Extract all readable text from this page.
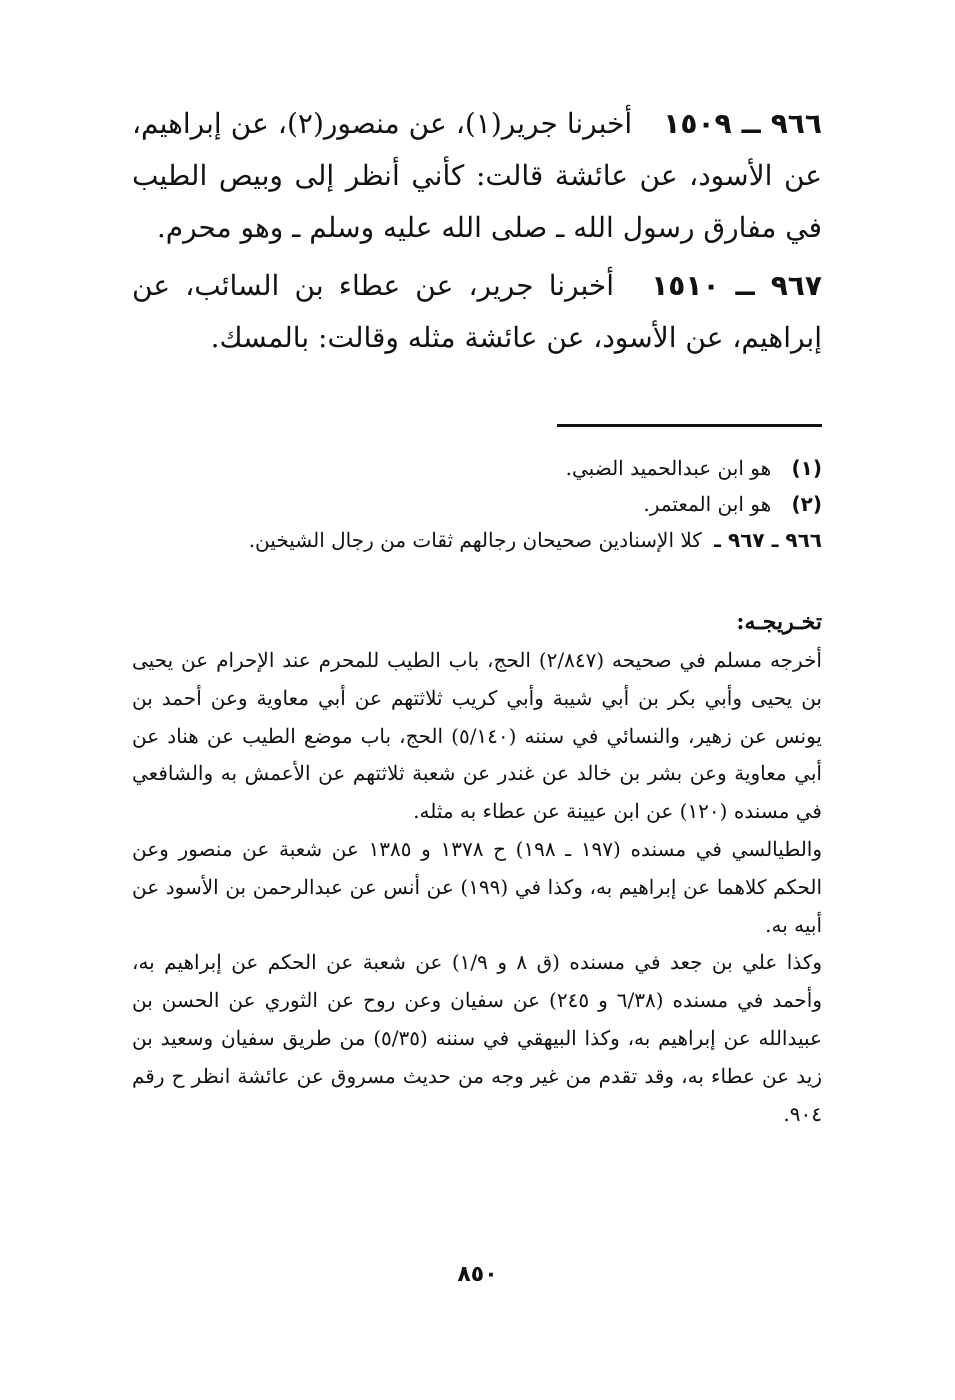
٩٦٦ ــ ١٥٠٩ أخبرنا جرير(١)، عن منصور(٢)، عن إبراهيم، عن الأسود، عن عائشة قالت: كأني أنظر إلى وبيص الطيب في مفارق رسول الله ـ صلى الله عليه وسلم ـ وهو محرم.

٩٦٧ ــ ١٥١٠ أخبرنا جرير، عن عطاء بن السائب، عن إبراهيم، عن الأسود، عن عائشة مثله وقالت: بالمسك.

(١) هو ابن عبدالحميد الضبي.

(٢) هو ابن المعتمر.

٩٦٦ ـ ٩٦٧ ـ كلا الإسنادين صحيحان رجالهم ثقات من رجال الشيخين.

تخـريجـه:

أخرجه مسلم في صحيحه (٢/٨٤٧) الحج، باب الطيب للمحرم عند الإحرام عن يحيى بن يحيى وأبي بكر بن أبي شيبة وأبي كريب ثلاثتهم عن أبي معاوية وعن أحمد بن يونس عن زهير، والنسائي في سننه (٥/١٤٠) الحج، باب موضع الطيب عن هناد عن أبي معاوية وعن بشر بن خالد عن غندر عن شعبة ثلاثتهم عن الأعمش به والشافعي في مسنده (١٢٠) عن ابن عيينة عن عطاء به مثله.

والطيالسي في مسنده (١٩٧ ـ ١٩٨) ح ١٣٧٨ و ١٣٨٥ عن شعبة عن منصور وعن الحكم كلاهما عن إبراهيم به، وكذا في (١٩٩) عن أنس عن عبدالرحمن بن الأسود عن أبيه به.

وكذا علي بن جعد في مسنده (ق ٨ و ١/٩) عن شعبة عن الحكم عن إبراهيم به، وأحمد في مسنده (٦/٣٨ و ٢٤٥) عن سفيان وعن روح عن الثوري عن الحسن بن عبيدالله عن إبراهيم به، وكذا البيهقي في سننه (٥/٣٥) من طريق سفيان وسعيد بن زيد عن عطاء به، وقد تقدم من غير وجه من حديث مسروق عن عائشة انظر ح رقم ٩٠٤.

٨٥٠
